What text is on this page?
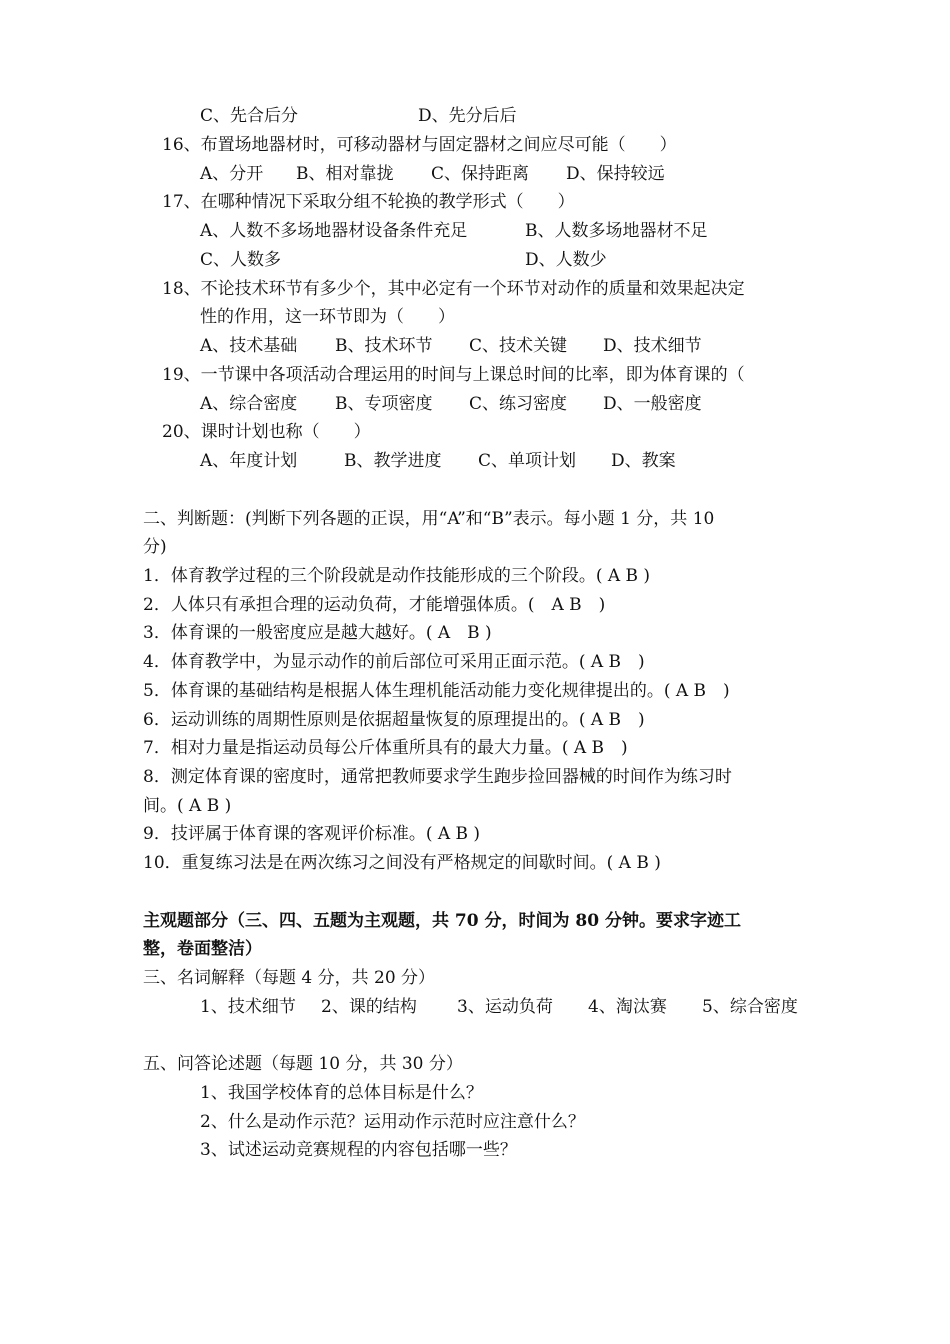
C、先合后分	D、先分后后
16、布置场地器材时，可移动器材与固定器材之间应尽可能（　　）
A、分开 B、相对靠拢 C、保持距离 D、保持较远
17、在哪种情况下采取分组不轮换的教学形式（　　）
A、人数不多场地器材设备条件充足	B、人数多场地器材不足
C、人数多	D、人数少
18、不论技术环节有多少个，其中必定有一个环节对动作的质量和效果起决定
性的作用，这一环节即为（　　）
A、技术基础 B、技术环节 C、技术关键 D、技术细节
19、一节课中各项活动合理运用的时间与上课总时间的比率，即为体育课的（
A、综合密度 B、专项密度 C、练习密度 D、一般密度
20、课时计划也称（　　）
A、年度计划	B、教学进度 C、单项计划 D、教案
二、判断题：(判断下列各题的正误，用“A”和“B”表示。每小题 1 分，共 10
分)
1．体育教学过程的三个阶段就是动作技能形成的三个阶段。( A B )
2．人体只有承担合理的运动负荷，才能增强体质。(　A B　)
3．体育课的一般密度应是越大越好。( A　B )
4．体育教学中，为显示动作的前后部位可采用正面示范。( A B　)
5．体育课的基础结构是根据人体生理机能活动能力变化规律提出的。( A B　)
6．运动训练的周期性原则是依据超量恢复的原理提出的。( A B　)
7．相对力量是指运动员每公斤体重所具有的最大力量。( A B　)
8．测定体育课的密度时，通常把教师要求学生跑步捡回器械的时间作为练习时
间。( A B )
9．技评属于体育课的客观评价标准。( A B )
10．重复练习法是在两次练习之间没有严格规定的间歇时间。( A B )
主观题部分（三、四、五题为主观题，共 70 分，时间为 80 分钟。要求字迹工
整，卷面整洁）
三、名词解释（每题 4 分，共 20 分）
1、技术细节 2、课的结构 3、运动负荷 4、淘汰赛 5、综合密度
五、问答论述题（每题 10 分，共 30 分）
1、我国学校体育的总体目标是什么？
2、什么是动作示范？运用动作示范时应注意什么？
3、试述运动竞赛规程的内容包括哪一些？
